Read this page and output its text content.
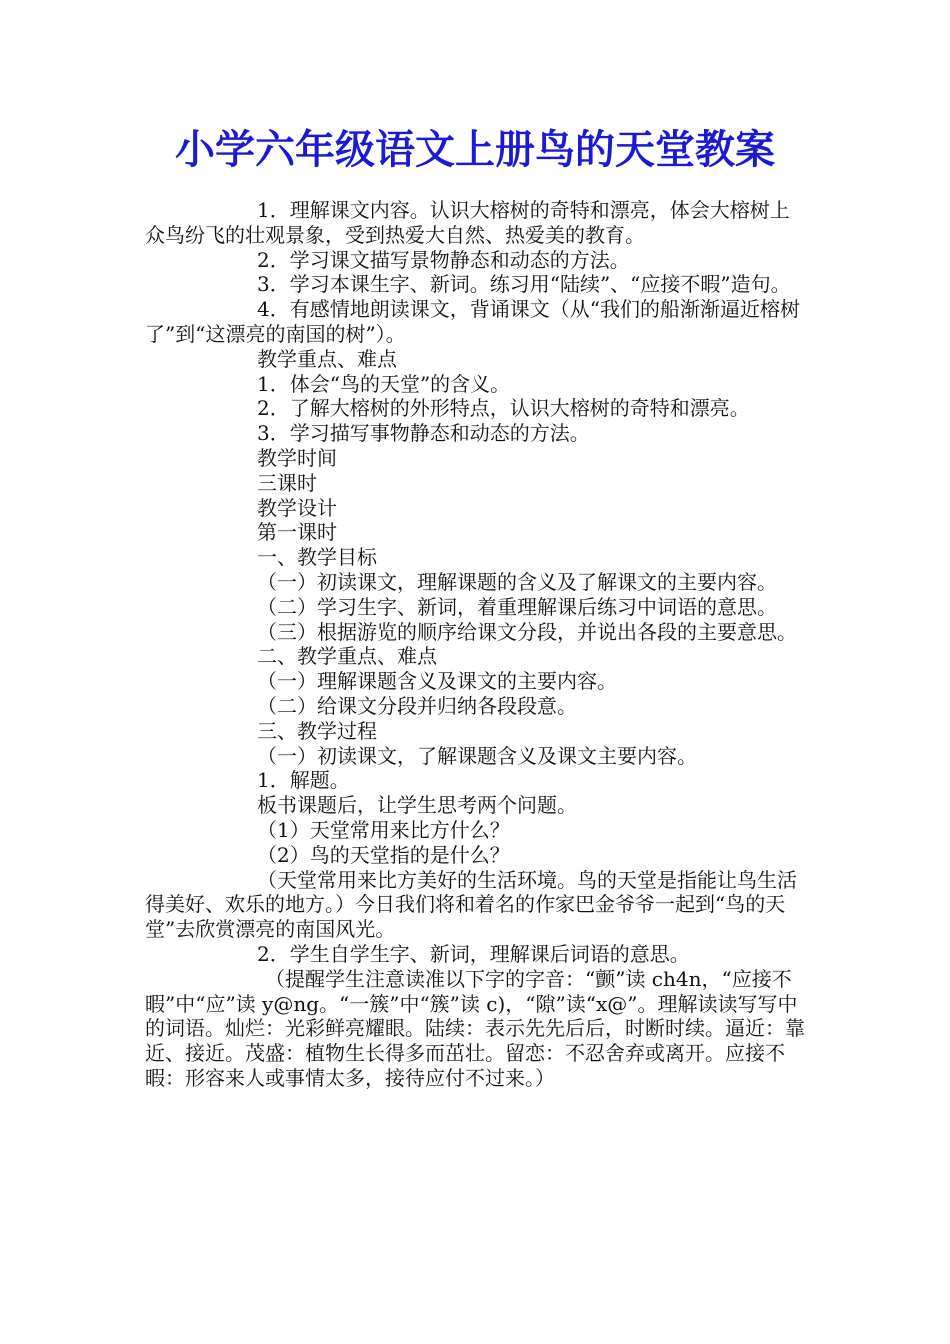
小学六年级语文上册鸟的天堂教案

1．理解课文内容。认识大榕树的奇特和漂亮，体会大榕树上众鸟纷飞的壮观景象，受到热爱大自然、热爱美的教育。

2．学习课文描写景物静态和动态的方法。

3．学习本课生字、新词。练习用“陆续”、“应接不暇”造句。

4．有感情地朗读课文，背诵课文（从“我们的船渐渐逼近榕树了”到“这漂亮的南国的树”）。

教学重点、难点

1．体会“鸟的天堂”的含义。

2．了解大榕树的外形特点，认识大榕树的奇特和漂亮。

3．学习描写事物静态和动态的方法。

教学时间

三课时

教学设计

第一课时

一、教学目标

（一）初读课文，理解课题的含义及了解课文的主要内容。

（二）学习生字、新词，着重理解课后练习中词语的意思。

（三）根据游览的顺序给课文分段，并说出各段的主要意思。

二、教学重点、难点

（一）理解课题含义及课文的主要内容。

（二）给课文分段并归纳各段段意。

三、教学过程

（一）初读课文，了解课题含义及课文主要内容。

1．解题。

板书课题后，让学生思考两个问题。

（1）天堂常用来比方什么？

（2）鸟的天堂指的是什么？

（天堂常用来比方美好的生活环境。鸟的天堂是指能让鸟生活得美好、欢乐的地方。）今日我们将和着名的作家巴金爷爷一起到“鸟的天堂”去欣赏漂亮的南国风光。

2．学生自学生字、新词，理解课后词语的意思。

（提醒学生注意读准以下字的字音：“颤”读 ch4n，“应接不暇”中“应”读 y@ng。“一簇”中“簇”读 c)，“隙”读“x@”。理解读读写写中的词语。灿烂：光彩鲜亮耀眼。陆续：表示先先后后，时断时续。逼近：靠近、接近。茂盛：植物生长得多而茁壮。留恋：不忍舍弃或离开。应接不暇：形容来人或事情太多，接待应付不过来。）
